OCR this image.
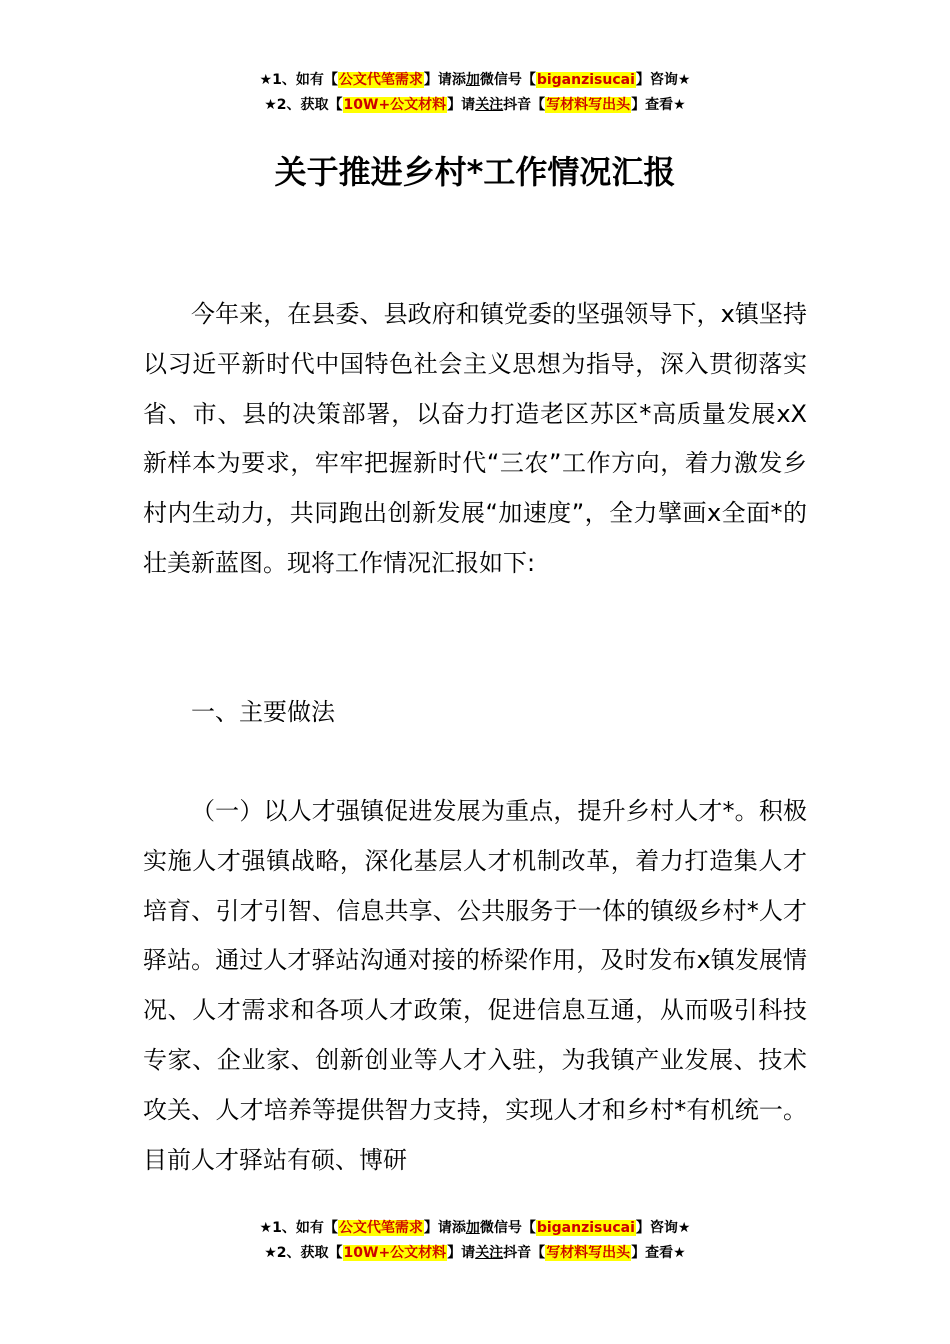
★1、如有【公文代笔需求】请添加微信号【biganzisucai】咨询★
★2、获取【10W+公文材料】请关注抖音【写材料写出头】查看★
关于推进乡村*工作情况汇报

今年来，在县委、县政府和镇党委的坚强领导下，x镇坚持以习近平新时代中国特色社会主义思想为指导，深入贯彻落实省、市、县的决策部署，以奋力打造老区苏区*高质量发展xX新样本为要求，牢牢把握新时代“三农”工作方向，着力激发乡村内生动力，共同跑出创新发展“加速度”，全力擘画x全面*的壮美新蓝图。现将工作情况汇报如下:

一、主要做法

（一）以人才强镇促进发展为重点，提升乡村人才*。积极实施人才强镇战略，深化基层人才机制改革，着力打造集人才培育、引才引智、信息共享、公共服务于一体的镇级乡村*人才驿站。通过人才驿站沟通对接的桥梁作用，及时发布x镇发展情况、人才需求和各项人才政策，促进信息互通，从而吸引科技专家、企业家、创新创业等人才入驻，为我镇产业发展、技术攻关、人才培养等提供智力支持，实现人才和乡村*有机统一。目前人才驿站有硕、博研

★1、如有【公文代笔需求】请添加微信号【biganzisucai】咨询★
★2、获取【10W+公文材料】请关注抖音【写材料写出头】查看★
